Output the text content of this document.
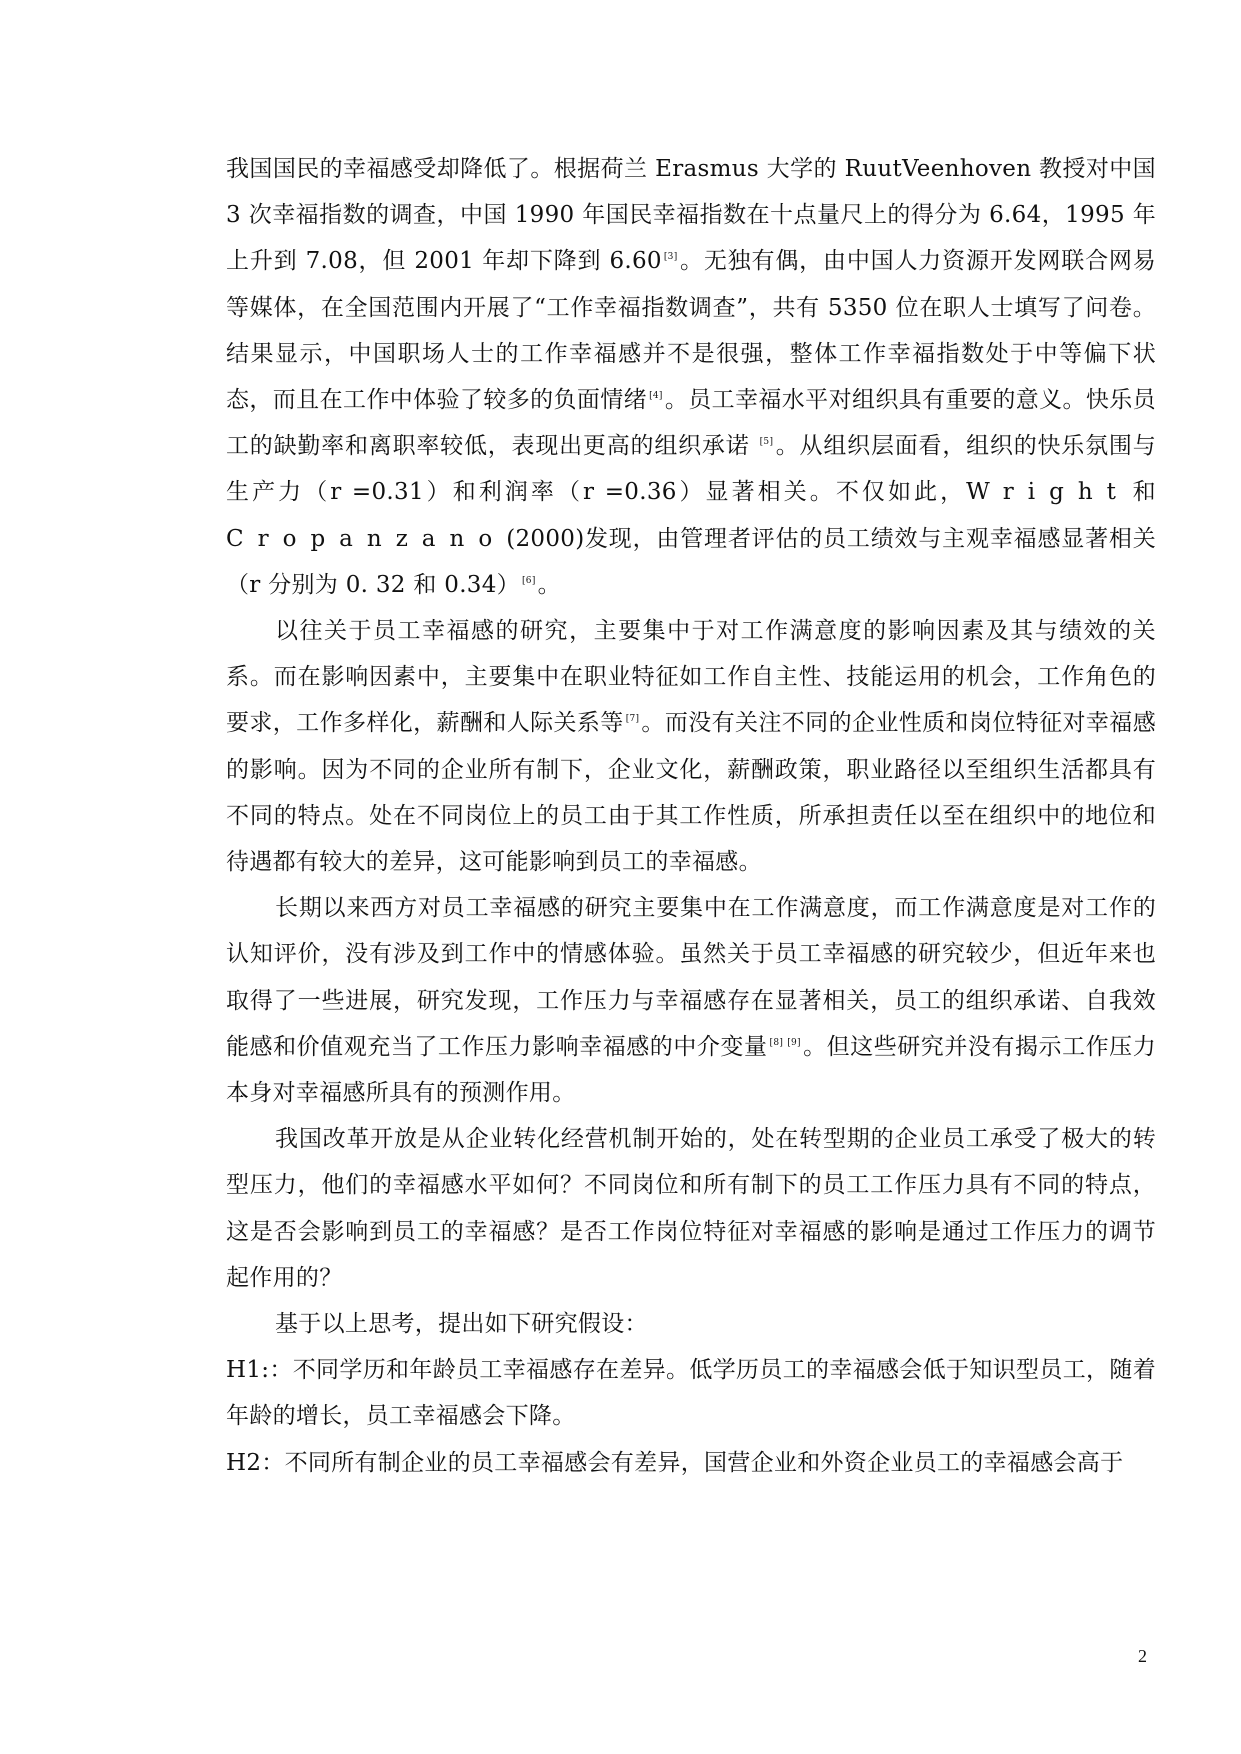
我国国民的幸福感受却降低了。根据荷兰 Erasmus 大学的 RuutVeenhoven 教授对中国 3 次幸福指数的调查，中国 1990 年国民幸福指数在十点量尺上的得分为 6.64，1995 年上升到 7.08，但 2001 年却下降到 6.60 [3]。无独有偶，由中国人力资源开发网联合网易等媒体，在全国范围内开展了“工作幸福指数调查”，共有 5350 位在职人士填写了问卷。结果显示，中国职场人士的工作幸福感并不是很强，整体工作幸福指数处于中等偏下状态，而且在工作中体验了较多的负面情绪 [4]。员工幸福水平对组织具有重要的意义。快乐员工的缺勤率和离职率较低，表现出更高的组织承诺 [5]。从组织层面看，组织的快乐氛围与生产力（r =0.31）和利润率（r =0.36）显著相关。不仅如此，Wright和Cropanzano(2000)发现，由管理者评估的员工绩效与主观幸福感显著相关（r 分别为 0. 32 和 0.34） [6]。

以往关于员工幸福感的研究，主要集中于对工作满意度的影响因素及其与绩效的关系。而在影响因素中，主要集中在职业特征如工作自主性、技能运用的机会，工作角色的要求，工作多样化，薪酬和人际关系等 [7]。而没有关注不同的企业性质和岗位特征对幸福感的影响。因为不同的企业所有制下，企业文化，薪酬政策，职业路径以至组织生活都具有不同的特点。处在不同岗位上的员工由于其工作性质，所承担责任以至在组织中的地位和待遇都有较大的差异，这可能影响到员工的幸福感。

长期以来西方对员工幸福感的研究主要集中在工作满意度，而工作满意度是对工作的认知评价，没有涉及到工作中的情感体验。虽然关于员工幸福感的研究较少，但近年来也取得了一些进展，研究发现，工作压力与幸福感存在显著相关，员工的组织承诺、自我效能感和价值观充当了工作压力影响幸福感的中介变量 [8] [9]。但这些研究并没有揭示工作压力本身对幸福感所具有的预测作用。

我国改革开放是从企业转化经营机制开始的，处在转型期的企业员工承受了极大的转型压力，他们的幸福感水平如何？不同岗位和所有制下的员工工作压力具有不同的特点，这是否会影响到员工的幸福感？是否工作岗位特征对幸福感的影响是通过工作压力的调节起作用的？

基于以上思考，提出如下研究假设：

H1:：不同学历和年龄员工幸福感存在差异。低学历员工的幸福感会低于知识型员工，随着年龄的增长，员工幸福感会下降。

H2：不同所有制企业的员工幸福感会有差异，国营企业和外资企业员工的幸福感会高于

2
